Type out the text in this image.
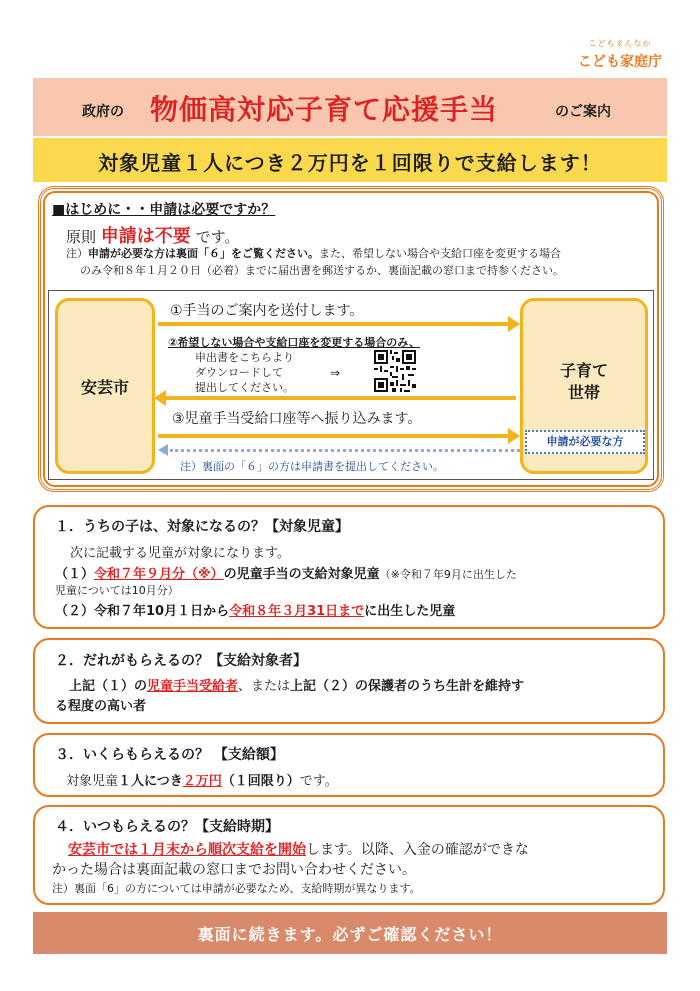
こどもまんなか
こども家庭庁
政府の 物価高対応子育て応援手当	のご案内
対象児童１人につき２万円を１回限りで支給します！
■はじめに・・申請は必要ですか？
原則 申請は不要 です。
注）申請が必要な方は裏面「６」をご覧ください。また、希望しない場合や支給口座を変更する場合
のみ令和８年１月２０日（必着）までに届出書を郵送するか、裏面記載の窓口まで持参ください。
安芸市
子育て
世帯
申請が必要な方
①手当のご案内を送付します。
②希望しない場合や支給口座を変更する場合のみ、
申出書をこちらより
ダウンロードして
提出してください。
⇒
③児童手当受給口座等へ振り込みます。
注）裏面の「６」の方は申請書を提出してください。
１．うちの子は、対象になるの？【対象児童】
次に記載する児童が対象になります。
（１）令和７年９月分（※）の児童手当の支給対象児童（※令和７年9月に出生した
児童については10月分）
（２）令和７年10月１日から令和８年３月31日までに出生した児童
２．だれがもらえるの？【支給対象者】
上記（１）の児童手当受給者、または上記（２）の保護者のうち生計を維持す
る程度の高い者
３．いくらもらえるの？ 【支給額】
対象児童１人につき２万円（１回限り）です。
４．いつもらえるの？【支給時期】
安芸市では１月末から順次支給を開始します。以降、入金の確認ができな
かった場合は裏面記載の窓口までお問い合わせください。
注）裏面「6」の方については申請が必要なため、支給時期が異なります。
裏面に続きます。必ずご確認ください！
